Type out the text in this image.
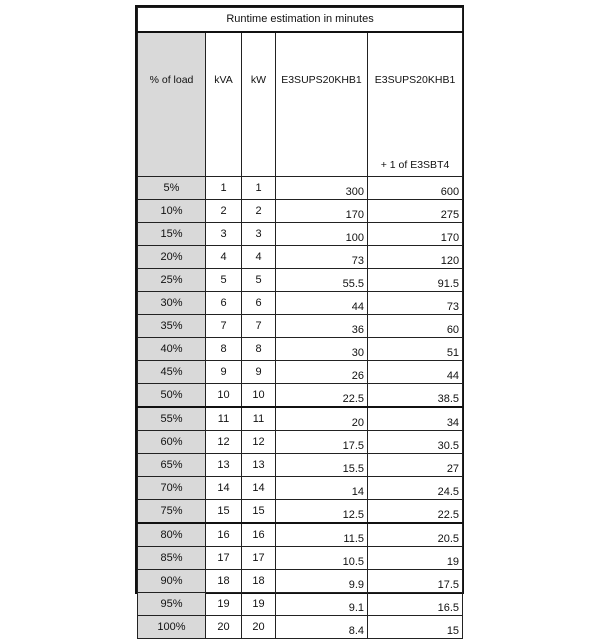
Runtime estimation in minutes				
% of load	kVA	kW	E3SUPS20KHB1	E3SUPS20KHB1
+ 1 of E3SBT4

5%	1	1	300	600
10%	2	2	170	275
15%	3	3	100	170
20%	4	4	73	120
25%	5	5	55.5	91.5
30%	6	6	44	73
35%	7	7	36	60
40%	8	8	30	51
45%	9	9	26	44
50%	10	10	22.5	38.5
55%	11	11	20	34
60%	12	12	17.5	30.5
65%	13	13	15.5	27
70%	14	14	14	24.5
75%	15	15	12.5	22.5
80%	16	16	11.5	20.5
85%	17	17	10.5	19
90%	18	18	9.9	17.5
95%	19	19	9.1	16.5
100%	20	20	8.4	15
